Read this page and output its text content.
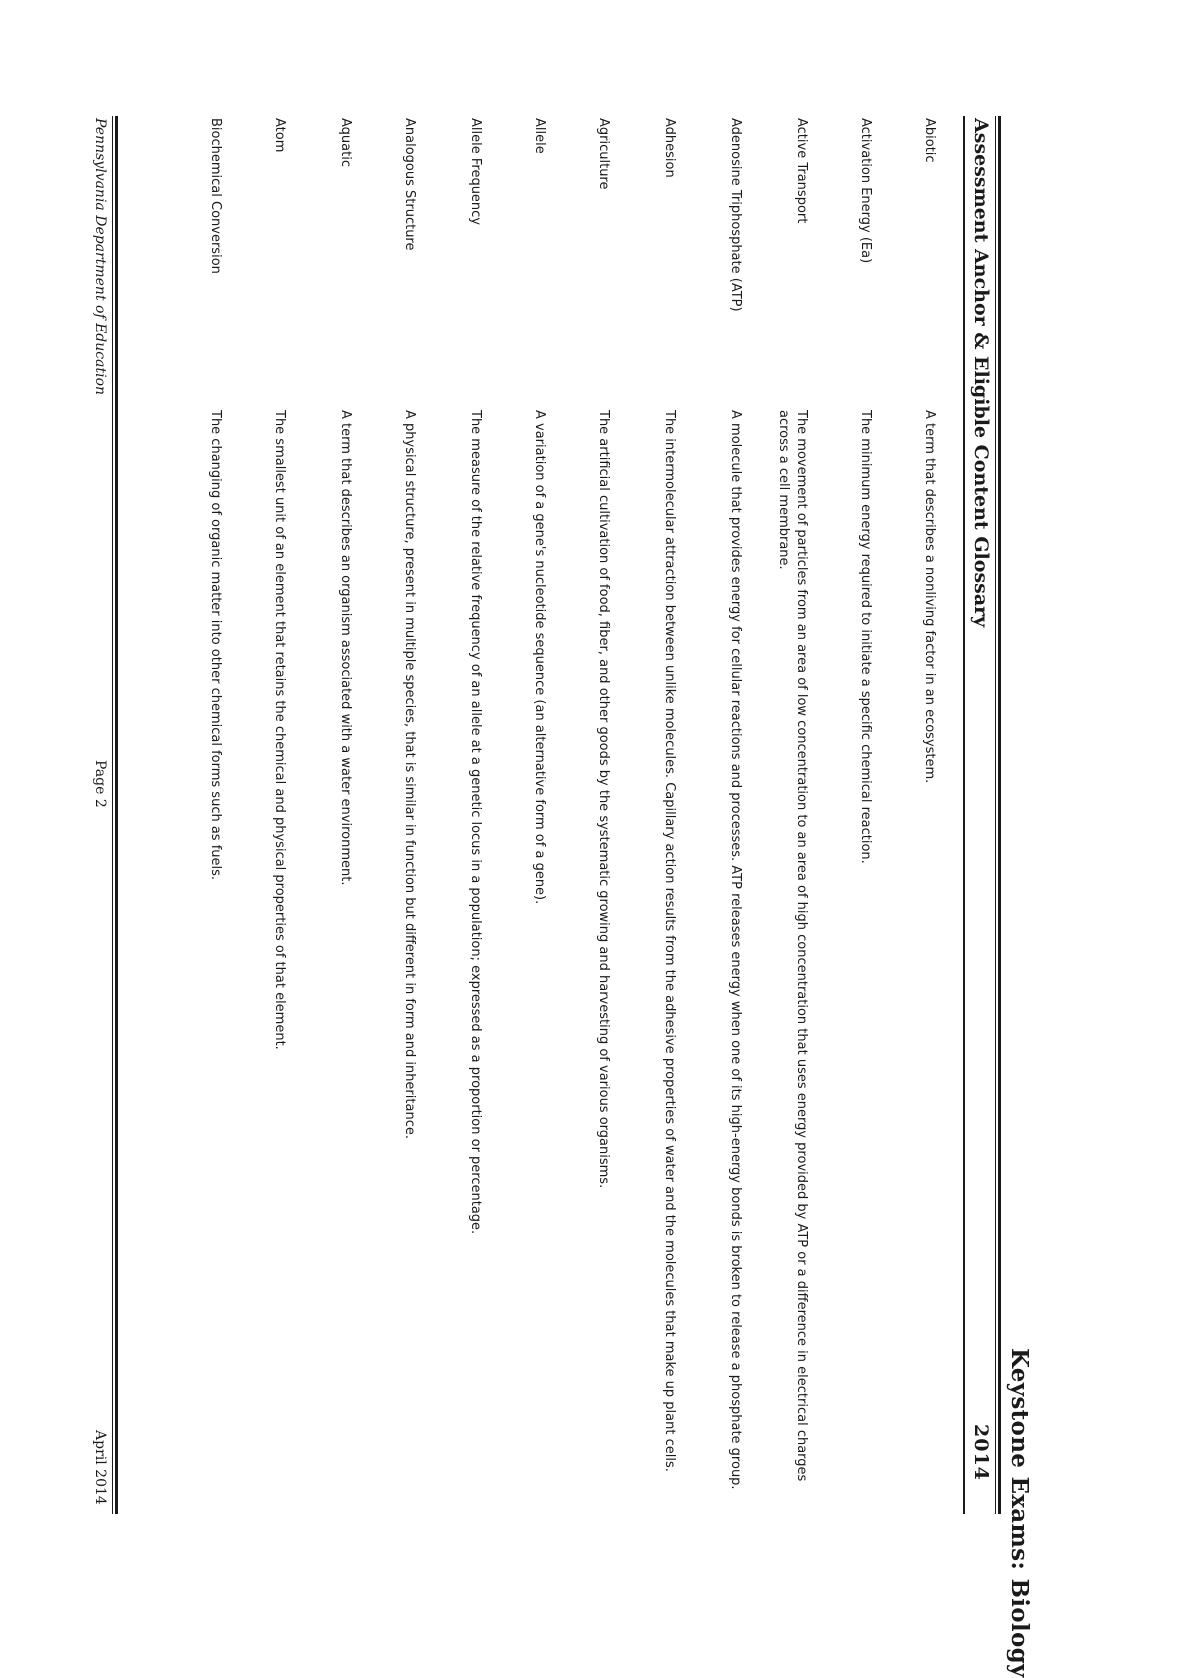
Keystone Exams: Biology
Assessment Anchor & Eligible Content Glossary
2014
Abiotic
A term that describes a nonliving factor in an ecosystem.
Activation Energy (Ea)
The minimum energy required to initiate a specific chemical reaction.
Active Transport
The movement of particles from an area of low concentration to an area of high concentration that uses energy provided by ATP or a difference in electrical charges across a cell membrane.
Adenosine Triphosphate (ATP)
A molecule that provides energy for cellular reactions and processes. ATP releases energy when one of its high-energy bonds is broken to release a phosphate group.
Adhesion
The intermolecular attraction between unlike molecules. Capillary action results from the adhesive properties of water and the molecules that make up plant cells.
Agriculture
The artificial cultivation of food, fiber, and other goods by the systematic growing and harvesting of various organisms.
Allele
A variation of a gene's nucleotide sequence (an alternative form of a gene).
Allele Frequency
The measure of the relative frequency of an allele at a genetic locus in a population; expressed as a proportion or percentage.
Analogous Structure
A physical structure, present in multiple species, that is similar in function but different in form and inheritance.
Aquatic
A term that describes an organism associated with a water environment.
Atom
The smallest unit of an element that retains the chemical and physical properties of that element.
Biochemical Conversion
The changing of organic matter into other chemical forms such as fuels.
Pennsylvania Department of Education
Page 2
April 2014
